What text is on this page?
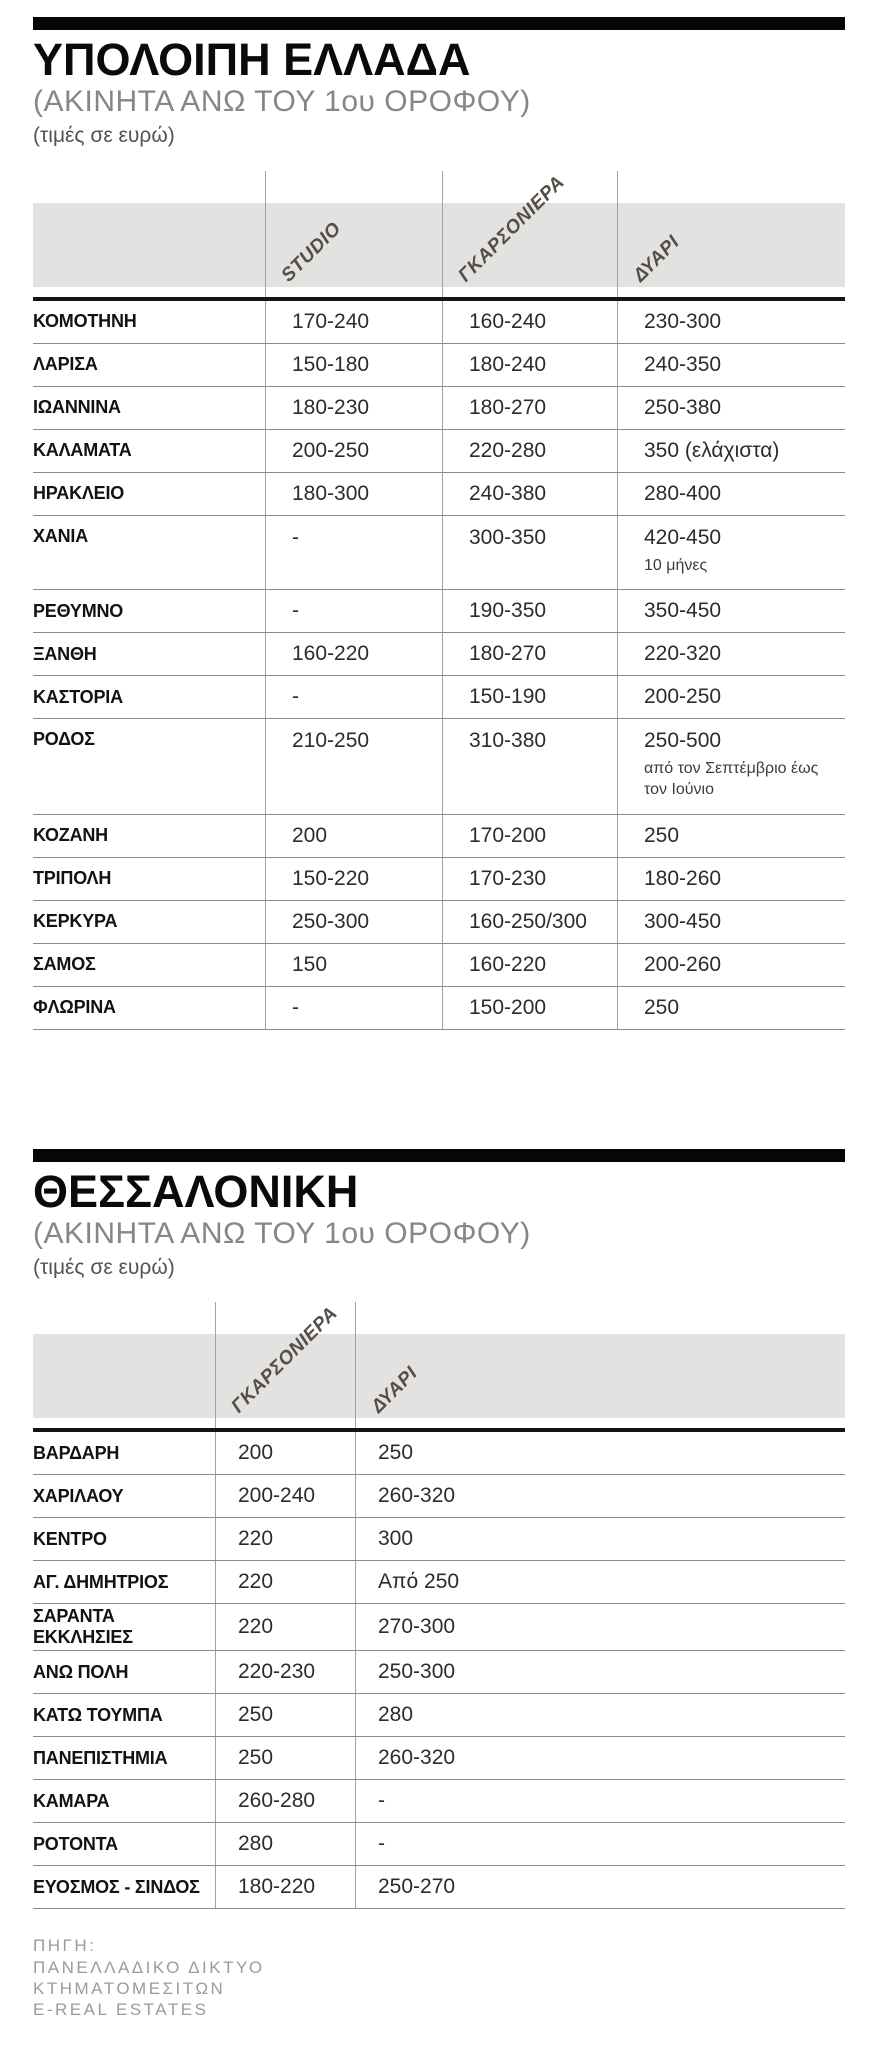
ΥΠΟΛΟΙΠΗ ΕΛΛΑΔΑ
(ΑΚΙΝΗΤΑ ΑΝΩ ΤΟΥ 1ου ΟΡΟΦΟΥ)
(τιμές σε ευρώ)
STUDIO	ΓΚΑΡΣΟΝΙΕΡΑ	ΔΥΑΡΙ
ΚΟΜΟΤΗΝΗ	170-240	160-240	230-300
ΛΑΡΙΣΑ	150-180	180-240	240-350
ΙΩΑΝΝΙΝΑ	180-230	180-270	250-380
ΚΑΛΑΜΑΤΑ	200-250	220-280	350 (ελάχιστα)
ΗΡΑΚΛΕΙΟ	180-300	240-380	280-400
ΧΑΝΙΑ	-	300-350	420-450
10 μήνες
ΡΕΘΥΜΝΟ	-	190-350	350-450
ΞΑΝΘΗ	160-220	180-270	220-320
ΚΑΣΤΟΡΙΑ	-	150-190	200-250
ΡΟΔΟΣ	210-250	310-380	250-500
από τον Σεπτέμβριο έως τον Ιούνιο
ΚΟΖΑΝΗ	200	170-200	250
ΤΡΙΠΟΛΗ	150-220	170-230	180-260
ΚΕΡΚΥΡΑ	250-300	160-250/300	300-450
ΣΑΜΟΣ	150	160-220	200-260
ΦΛΩΡΙΝΑ	-	150-200	250
ΘΕΣΣΑΛΟΝΙΚΗ
(ΑΚΙΝΗΤΑ ΑΝΩ ΤΟΥ 1ου ΟΡΟΦΟΥ)
(τιμές σε ευρώ)
ΓΚΑΡΣΟΝΙΕΡΑ ΔΥΑΡΙ
ΒΑΡΔΑΡΗ	200	250
ΧΑΡΙΛΑΟΥ	200-240	260-320
ΚΕΝΤΡΟ	220	300
ΑΓ. ΔΗΜΗΤΡΙΟΣ	220	Από 250
ΣΑΡΑΝΤΑ ΕΚΚΛΗΣΙΕΣ	220	270-300
ΑΝΩ ΠΟΛΗ	220-230	250-300
ΚΑΤΩ ΤΟΥΜΠΑ	250	280
ΠΑΝΕΠΙΣΤΗΜΙΑ	250	260-320
ΚΑΜΑΡΑ	260-280	-
ΡΟΤΟΝΤΑ	280	-
ΕΥΟΣΜΟΣ - ΣΙΝΔΟΣ	180-220	250-270
ΠΗΓΗ:
ΠΑΝΕΛΛΑΔΙΚΟ ΔΙΚΤΥΟ
ΚΤΗΜΑΤΟΜΕΣΙΤΩΝ
E-REAL ESTATES
